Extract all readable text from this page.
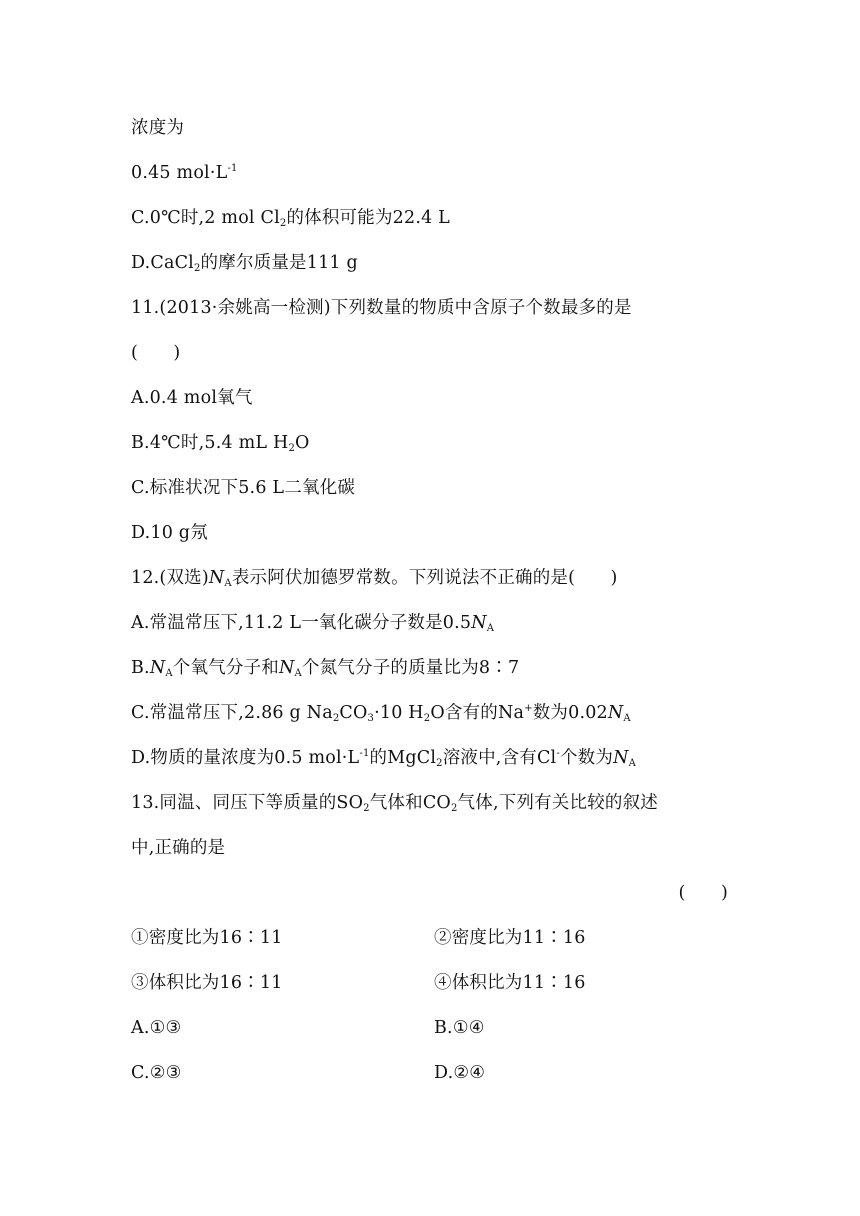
浓度为
0.45 $mol\cdot L^{-1}$
C.0℃时,2 mol $Cl_2$的体积可能为22.4 L
D.CaCl$_2$的摩尔质量是111 g
11.(2013·余姚高一检测)下列数量的物质中含原子个数最多的是
(　　)
A.0.4 mol氧气
B.4℃时,5.4 mL $H_2O$
C.标准状况下5.6 L二氧化碳
D.10 g氖
12.(双选)$N_A$表示阿伏加德罗常数。下列说法不正确的是(　　)
A.常温常压下,11.2 L一氧化碳分子数是$0.5N_A$
$B.N_A$个氧气分子和$N_A$个氮气分子的质量比为8∶7
C.常温常压下,2.86 g $Na_2CO_3\cdot 10$ $H_2O$含有的Na+数为$0.02N_A$
D.物质的量浓度为0.5 $mol\cdot L^{-1}$的MgCl$_2$溶液中,含有Cl-个数为$N_A$
13.同温、同压下等质量的$SO_2$气体和$CO_2$气体,下列有关比较的叙述
中,正确的是
(　　)
①密度比为16∶11	②密度比为11∶16
③体积比为16∶11	④体积比为11∶16
A.①③	B.①④
C.②③	D.②④
